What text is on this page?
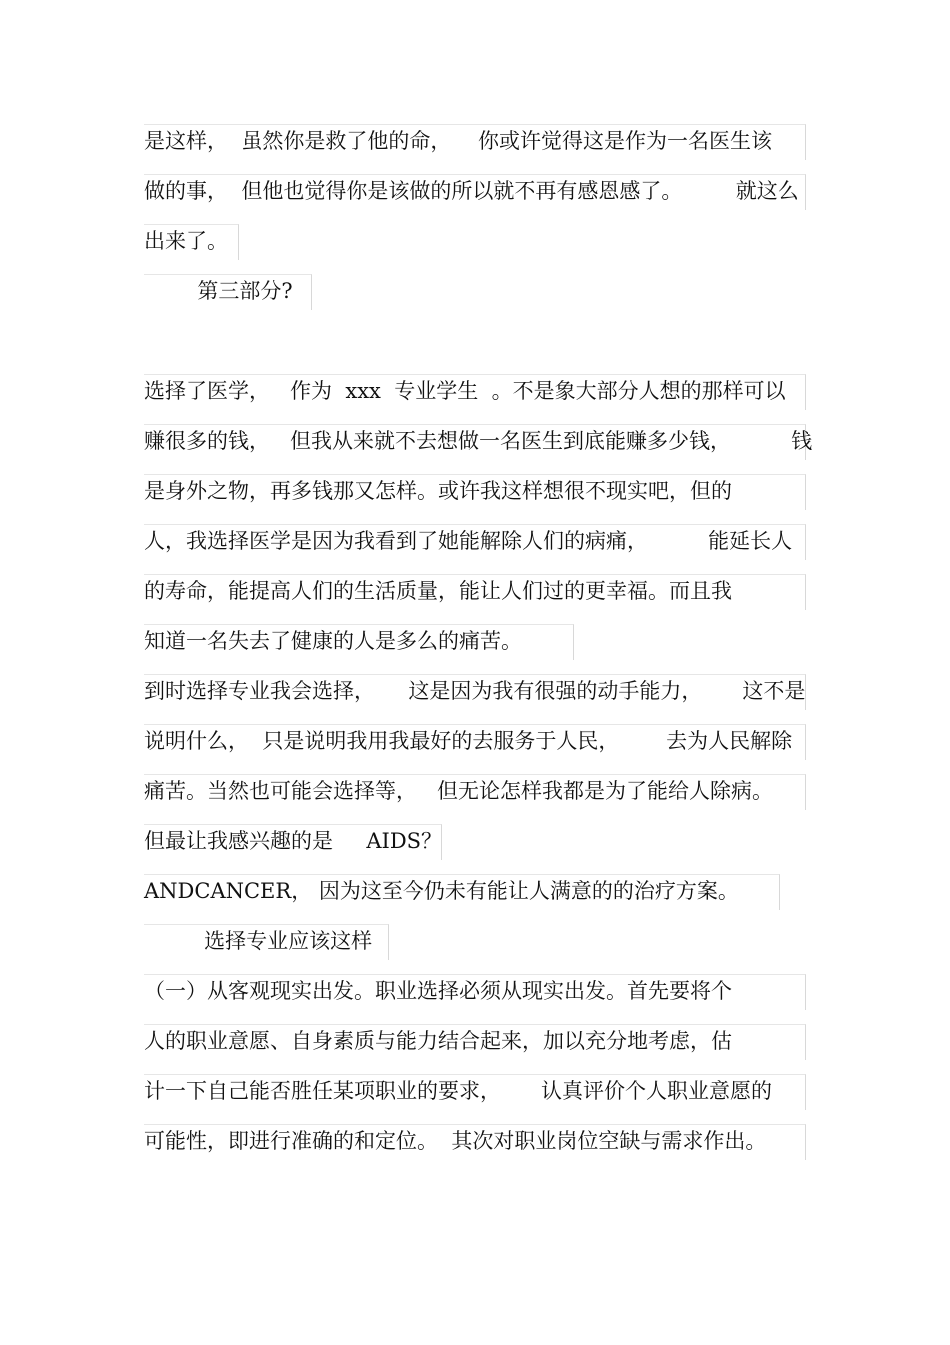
是这样，  虽然你是救了他的命，    你或许觉得这是作为一名医生该
做的事，  但他也觉得你是该做的所以就不再有感恩感了。        就这么
出来了。
第三部分?
选择了医学，   作为  xxx  专业学生  。不是象大部分人想的那样可以
赚很多的钱，   但我从来就不去想做一名医生到底能赚多少钱，         钱
是身外之物，再多钱那又怎样。或许我这样想很不现实吧，但的
人，我选择医学是因为我看到了她能解除人们的病痛，         能延长人
的寿命，能提高人们的生活质量，能让人们过的更幸福。而且我
知道一名失去了健康的人是多么的痛苦。
到时选择专业我会选择，     这是因为我有很强的动手能力，      这不是
说明什么，  只是说明我用我最好的去服务于人民，       去为人民解除
痛苦。当然也可能会选择等，   但无论怎样我都是为了能给人除病。
但最让我感兴趣的是     AIDS？
ANDCANCER， 因为这至今仍未有能让人满意的的治疗方案。
选择专业应该这样
（一）从客观现实出发。职业选择必须从现实出发。首先要将个
人的职业意愿、自身素质与能力结合起来，加以充分地考虑，估
计一下自己能否胜任某项职业的要求，      认真评价个人职业意愿的
可能性，即进行准确的和定位。  其次对职业岗位空缺与需求作出。
